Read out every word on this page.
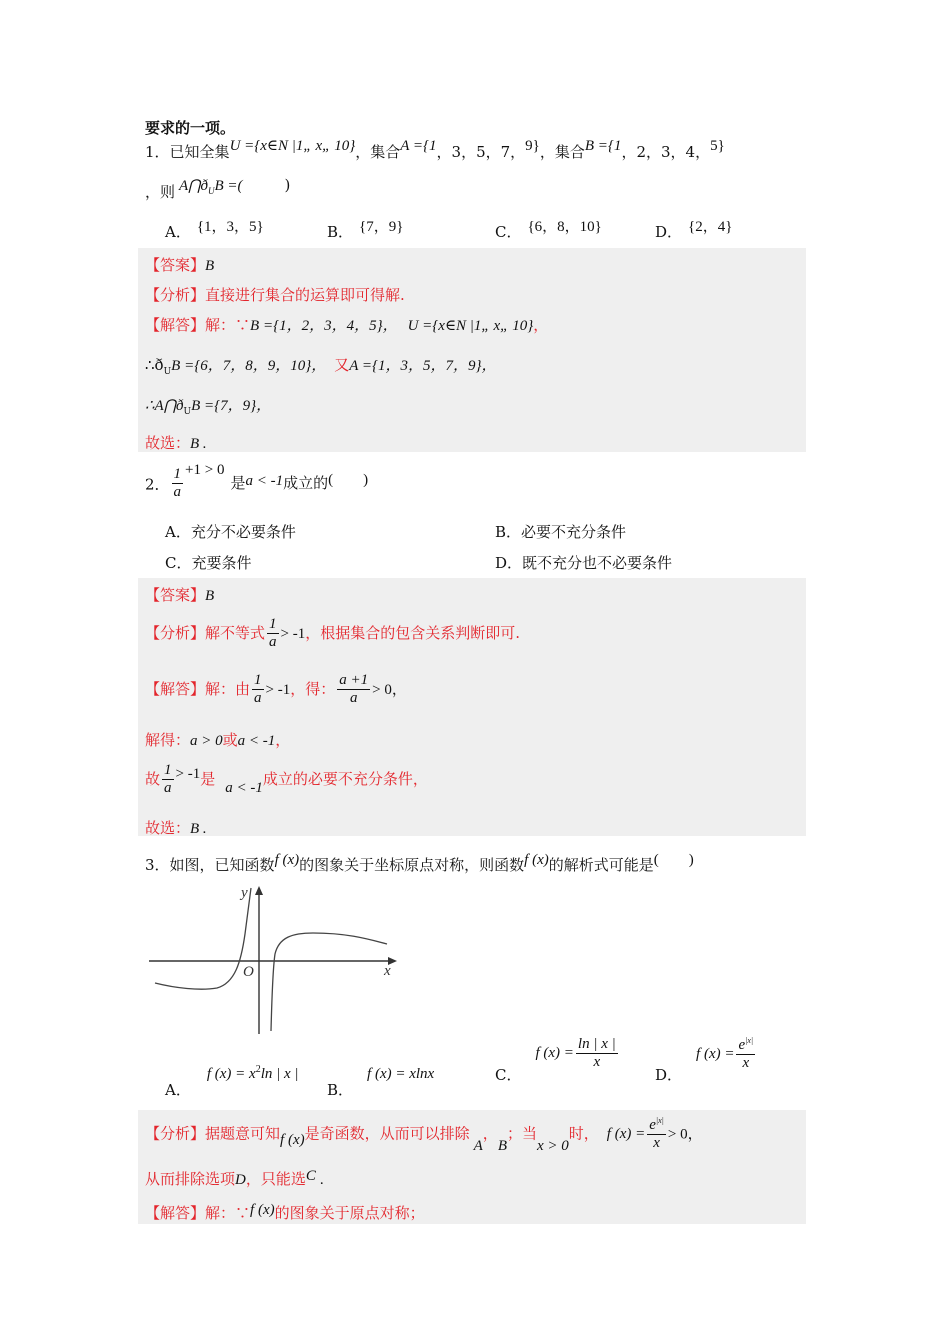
要求的一项。
1．已知全集U ={x∈N |1„ x„ 10}，集合A ={1，3，5，7，9}，集合B ={1，2，3，4，5}
，则 $A⋂ð_UB$ =(	)
A． {1，3，5}	B． {7，9}	C． {6，8，10}	D． {2，4}
【答案】B
【分析】直接进行集合的运算即可得解.
【解答】解：∵B ={1，2，3，4，5}， U ={x∈N |1„ x„ 10}，
$\therefore ð_UB =\{6$，7，8，9，10}， 又A ={1，3，5，7，9}，
$\therefore A⋂ð_UB =\{7$，9}，
故选：B .
2． $\frac{1}{a} +1 > 0$是a < -1成立的(　　)
A．充分不必要条件	B．必要不充分条件
C．充要条件	D．既不充分也不必要条件
【答案】B
【分析】解不等式 $\frac{1}{a} > -1$，根据集合的包含关系判断即可.
【解答】解：由 $\frac{1}{a} > -1$，得： $\frac{a +1}{a} > 0$，
解得：a > 0或a < -1，
故 $\frac{1}{a} > -1$是 a < -1成立的必要不充分条件，
故选：B .
3．如图，已知函数f (x)的图象关于坐标原点对称，则函数f (x)的解析式可能是(　　)
y
x
O
A．f $(x) = x^2\ln$ | x |
B．f (x) = xlnx	C．f $(x) = \frac{\ln | x |}{x}$
D．f $(x) = \frac{e^{|x|}}{x}$
【分析】据题意可知f (x)是奇函数，从而可以排除A，B；当x > 0时， f $(x) = \frac{e^{|x|}}{x} > 0$，
从而排除选项D，只能选C .
【解答】解：∵f (x)的图象关于原点对称；
